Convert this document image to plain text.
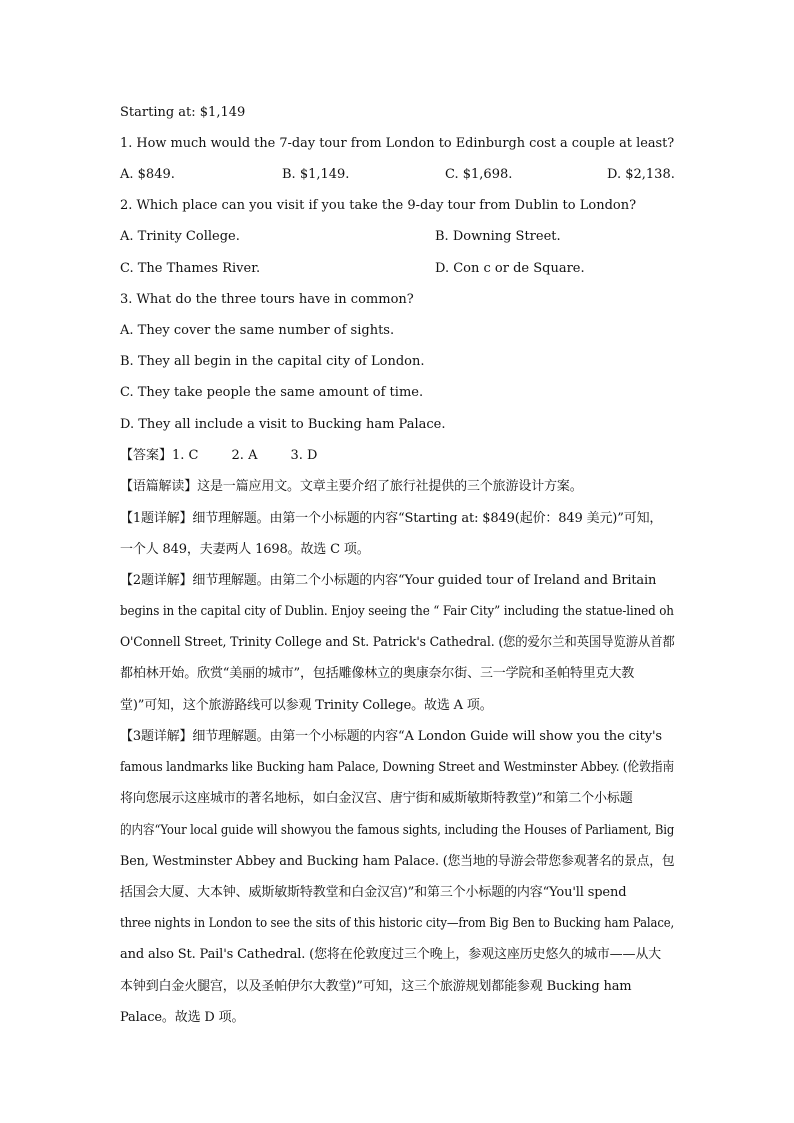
Starting at: $1,149
1. How much would the 7-day tour from London to Edinburgh cost a couple at least?
A. $849.	B. $1,149.	C. $1,698.	D. $2,138.
2. Which place can you visit if you take the 9-day tour from Dublin to London?
A. Trinity College.	B. Downing Street.
C. The Thames River.	D. Con c or de Square.
3. What do the three tours have in common?
A. They cover the same number of sights.
B. They all begin in the capital city of London.
C. They take people the same amount of time.
D. They all include a visit to Bucking ham Palace.
【答案】1. C        2. A        3. D
【语篇解读】这是一篇应用文。文章主要介绍了旅行社提供的三个旅游设计方案。
【1题详解】细节理解题。由第一个小标题的内容“Starting at: $849(起价：849 美元)”可知，
一个人 849，夫妻两人 1698。故选 C 项。
【2题详解】细节理解题。由第二个小标题的内容“Your guided tour of Ireland and Britain
begins in the capital city of Dublin. Enjoy seeing the “ Fair City” including the statue-lined oh
O'Connell Street, Trinity College and St. Patrick's Cathedral. (您的爱尔兰和英国导览游从首都
都柏林开始。欣赏“美丽的城市”，包括雕像林立的奥康奈尔街、三一学院和圣帕特里克大教
堂)”可知，这个旅游路线可以参观 Trinity College。故选 A 项。
【3题详解】细节理解题。由第一个小标题的内容“A London Guide will show you the city's
famous landmarks like Bucking ham Palace, Downing Street and Westminster Abbey. (伦敦指南
将向您展示这座城市的著名地标，如白金汉宫、唐宁街和威斯敏斯特教堂)”和第二个小标题
的内容“Your local guide will showyou the famous sights, including the Houses of Parliament, Big
Ben, Westminster Abbey and Bucking ham Palace. (您当地的导游会带您参观著名的景点，包
括国会大厦、大本钟、威斯敏斯特教堂和白金汉宫)”和第三个小标题的内容“You'll spend
three nights in London to see the sits of this historic city—from Big Ben to Bucking ham Palace,
and also St. Pail's Cathedral. (您将在伦敦度过三个晚上，参观这座历史悠久的城市——从大
本钟到白金火腿宫，以及圣帕伊尔大教堂)”可知，这三个旅游规划都能参观 Bucking ham
Palace。故选 D 项。
